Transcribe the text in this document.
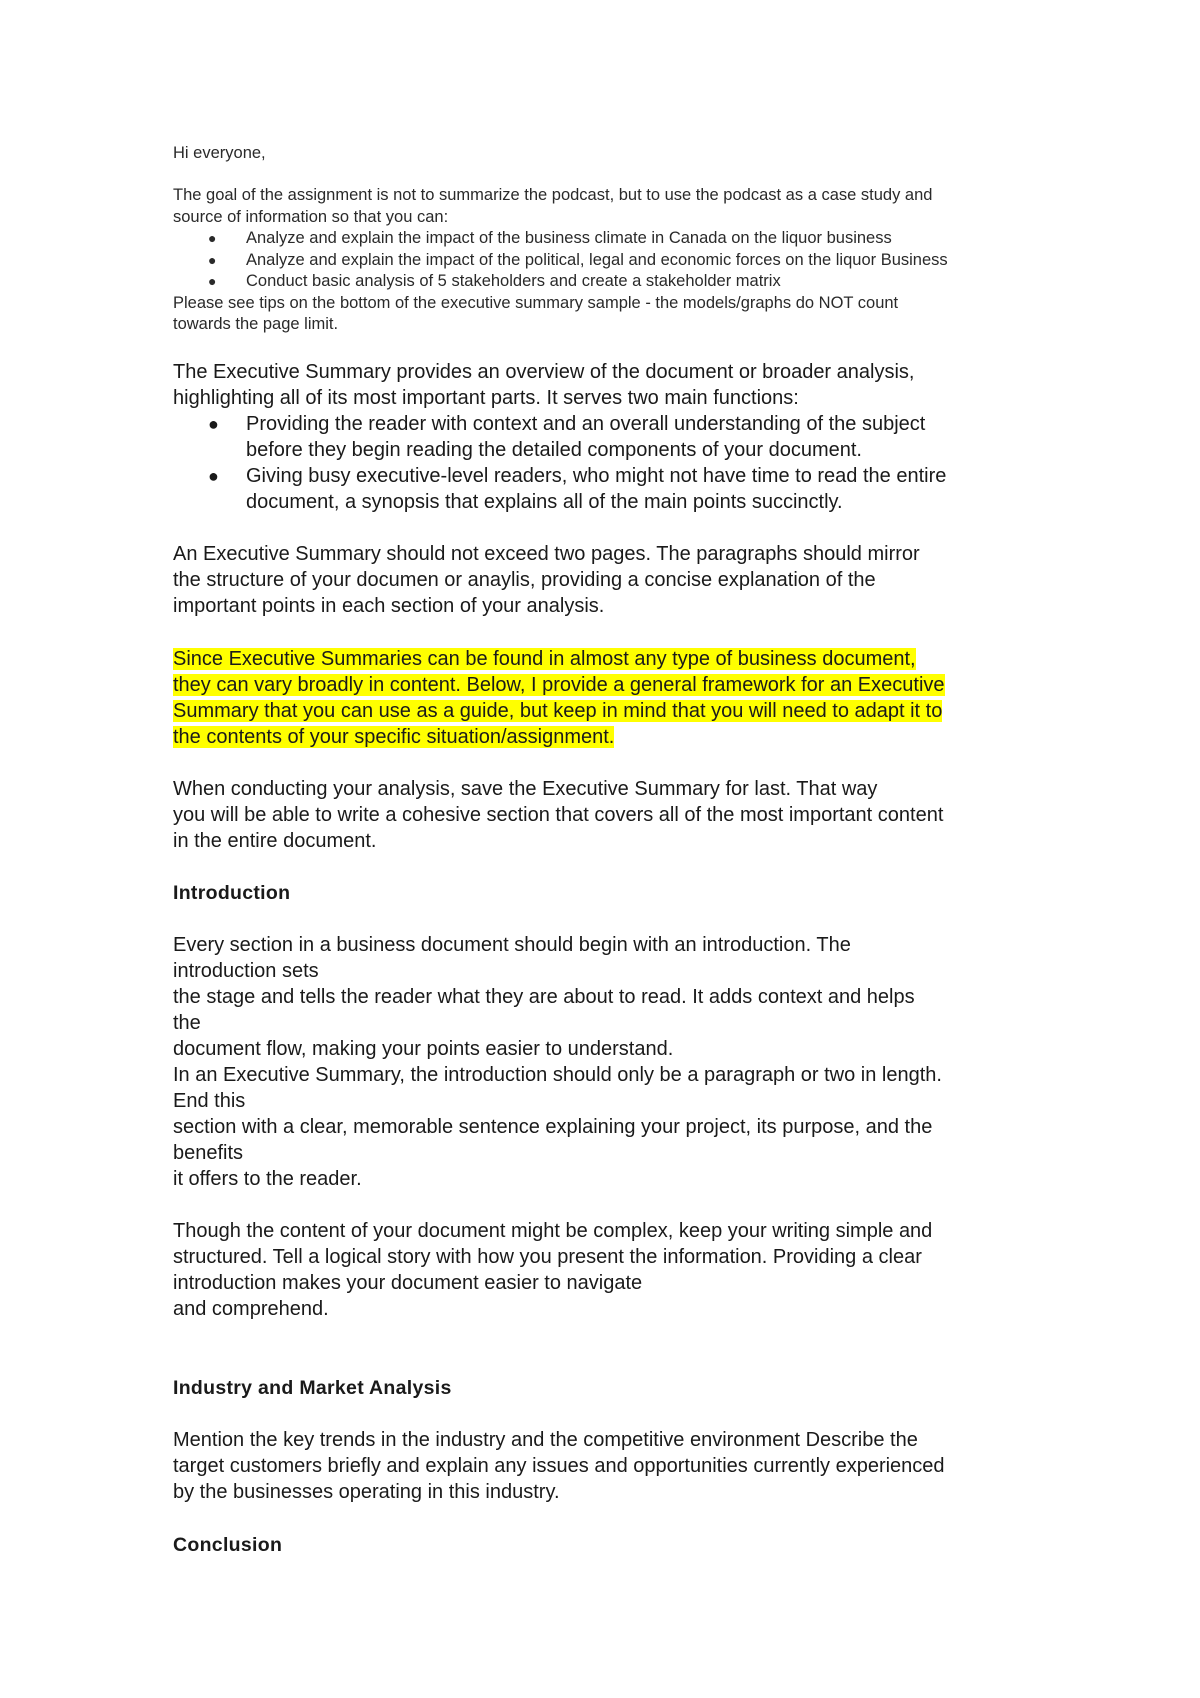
Hi everyone,

The goal of the assignment is not to summarize the podcast, but to use the podcast as a case study and

source of information so that you can:

● Analyze and explain the impact of the business climate in Canada on the liquor business
● Analyze and explain the impact of the political, legal and economic forces on the liquor Business
● Conduct basic analysis of 5 stakeholders and create a stakeholder matrix

Please see tips on the bottom of the executive summary sample - the models/graphs do NOT count

towards the page limit.

The Executive Summary provides an overview of the document or broader analysis,

highlighting all of its most important parts. It serves two main functions:

● Providing the reader with context and an overall understanding of the subject

before they begin reading the detailed components of your document.

● Giving busy executive-level readers, who might not have time to read the entire

document, a synopsis that explains all of the main points succinctly.

An Executive Summary should not exceed two pages. The paragraphs should mirror

the structure of your documen or anaylis, providing a concise explanation of the

important points in each section of your analysis.

Since Executive Summaries can be found in almost any type of business document,

they can vary broadly in content. Below, I provide a general framework for an Executive

Summary that you can use as a guide, but keep in mind that you will need to adapt it to

the contents of your specific situation/assignment.

When conducting your analysis, save the Executive Summary for last. That way

you will be able to write a cohesive section that covers all of the most important content

in the entire document.

Introduction

Every section in a business document should begin with an introduction. The

introduction sets

the stage and tells the reader what they are about to read. It adds context and helps

the

document flow, making your points easier to understand.

In an Executive Summary, the introduction should only be a paragraph or two in length.

End this

section with a clear, memorable sentence explaining your project, its purpose, and the

benefits

it offers to the reader.

Though the content of your document might be complex, keep your writing simple and

structured. Tell a logical story with how you present the information. Providing a clear

introduction makes your document easier to navigate

and comprehend.

Industry and Market Analysis

Mention the key trends in the industry and the competitive environment Describe the

target customers briefly and explain any issues and opportunities currently experienced

by the businesses operating in this industry.

Conclusion
